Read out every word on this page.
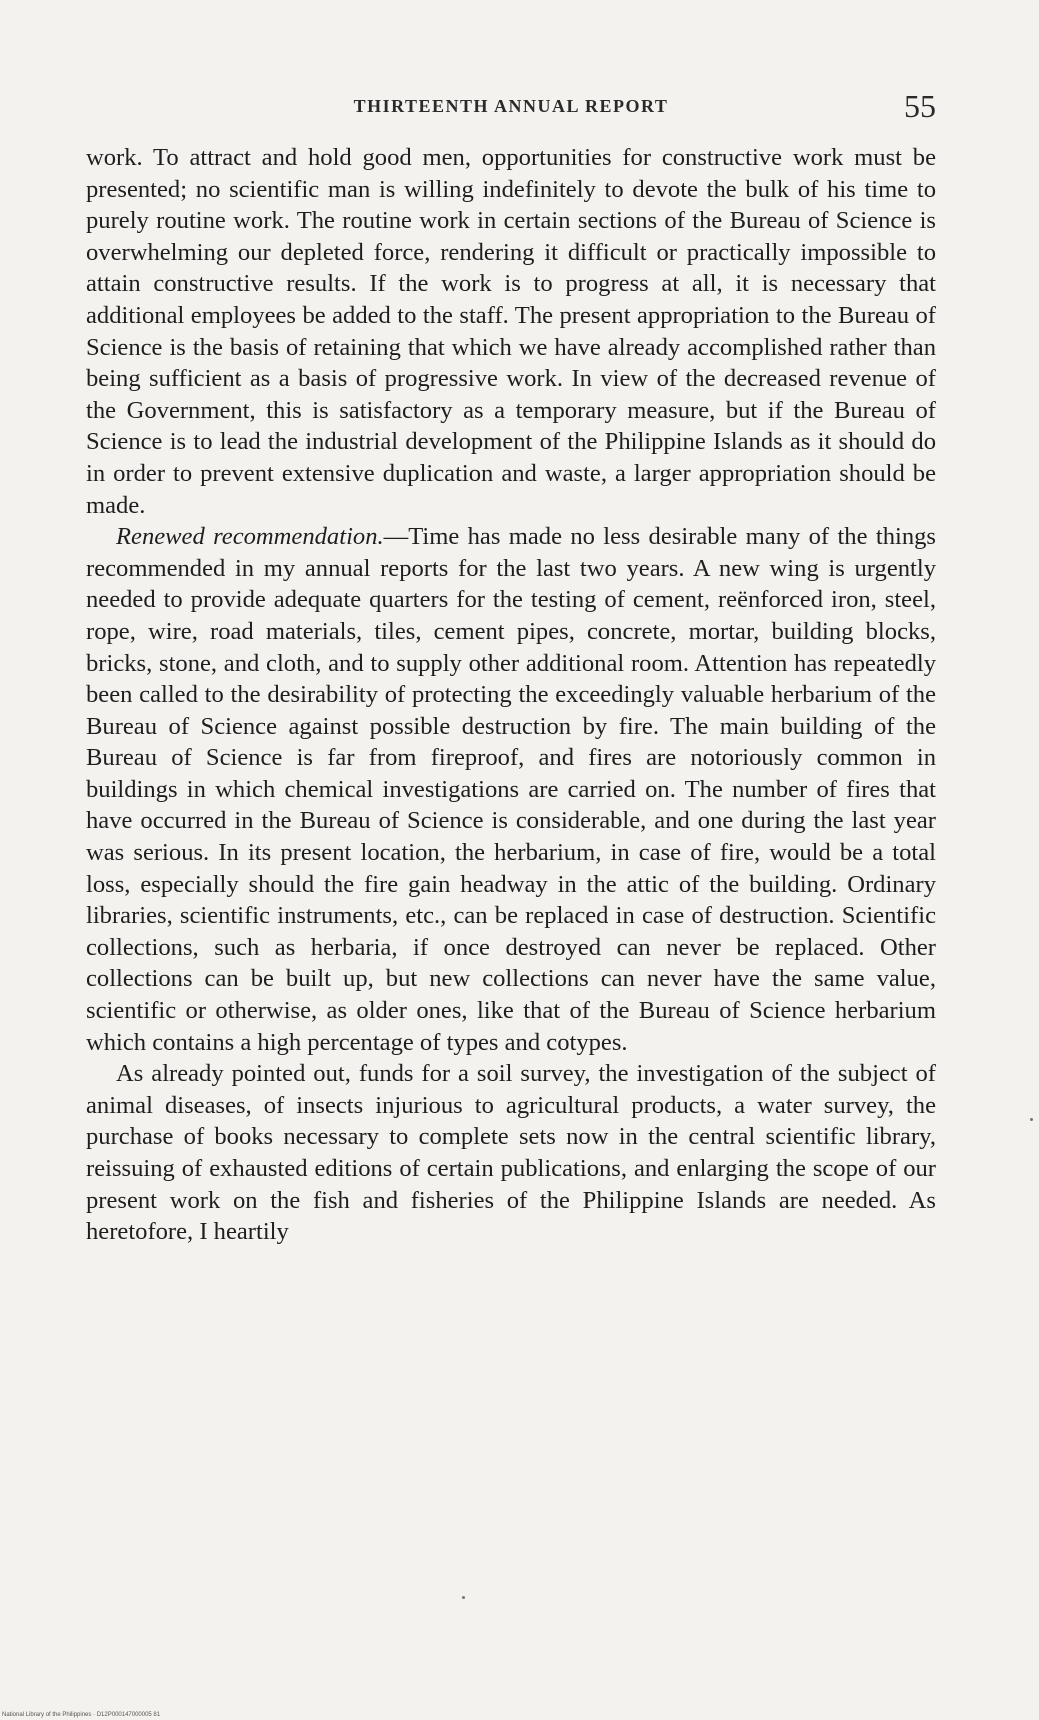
THIRTEENTH ANNUAL REPORT	55

work. To attract and hold good men, opportunities for constructive work must be presented; no scientific man is willing indefinitely to devote the bulk of his time to purely routine work. The routine work in certain sections of the Bureau of Science is overwhelming our depleted force, rendering it difficult or practically impossible to attain constructive results. If the work is to progress at all, it is necessary that additional employees be added to the staff. The present appropriation to the Bureau of Science is the basis of retaining that which we have already accomplished rather than being sufficient as a basis of progressive work. In view of the decreased revenue of the Government, this is satisfactory as a temporary measure, but if the Bureau of Science is to lead the industrial development of the Philippine Islands as it should do in order to prevent extensive duplication and waste, a larger appropriation should be made.

Renewed recommendation.—Time has made no less desirable many of the things recommended in my annual reports for the last two years. A new wing is urgently needed to provide adequate quarters for the testing of cement, reënforced iron, steel, rope, wire, road materials, tiles, cement pipes, concrete, mortar, building blocks, bricks, stone, and cloth, and to supply other additional room. Attention has repeatedly been called to the desirability of protecting the exceedingly valuable herbarium of the Bureau of Science against possible destruction by fire. The main building of the Bureau of Science is far from fireproof, and fires are notoriously common in buildings in which chemical investigations are carried on. The number of fires that have occurred in the Bureau of Science is considerable, and one during the last year was serious. In its present location, the herbarium, in case of fire, would be a total loss, especially should the fire gain headway in the attic of the building. Ordinary libraries, scientific instruments, etc., can be replaced in case of destruction. Scientific collections, such as herbaria, if once destroyed can never be replaced. Other collections can be built up, but new collections can never have the same value, scientific or otherwise, as older ones, like that of the Bureau of Science herbarium which contains a high percentage of types and cotypes.

As already pointed out, funds for a soil survey, the investigation of the subject of animal diseases, of insects injurious to agricultural products, a water survey, the purchase of books necessary to complete sets now in the central scientific library, reissuing of exhausted editions of certain publications, and enlarging the scope of our present work on the fish and fisheries of the Philippine Islands are needed. As heretofore, I heartily

National Library of the Philippines · D12P000147000005 81
